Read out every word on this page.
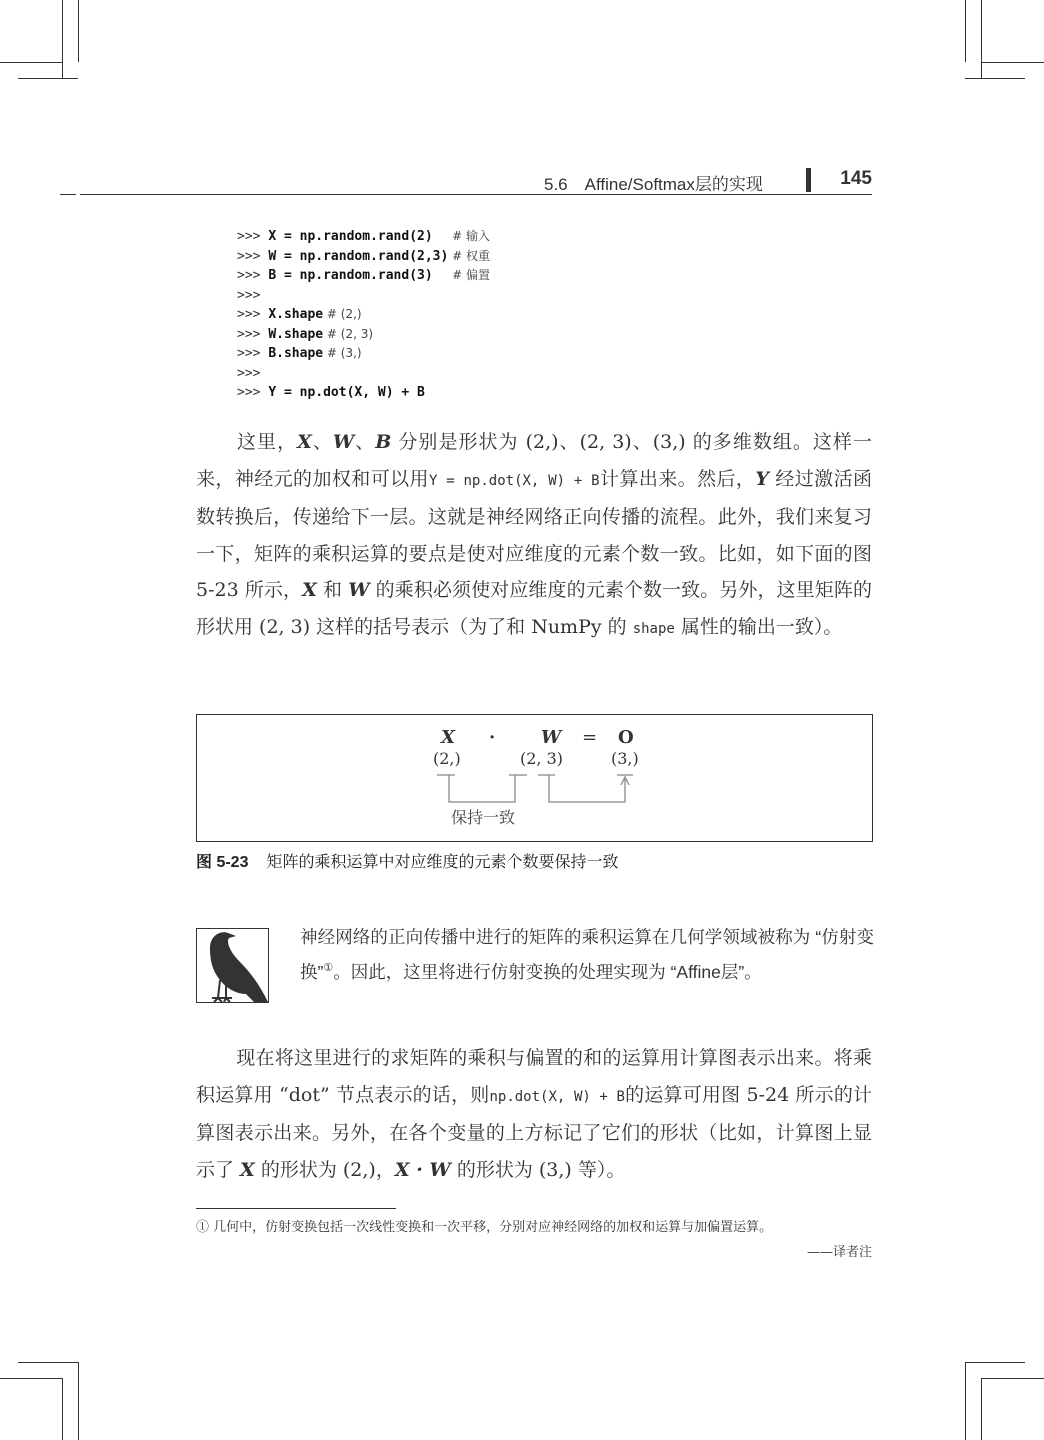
5.6　Affine/Softmax层的实现	145
>>> X = np.random.rand(2)   # 输入
>>> W = np.random.rand(2,3) # 权重
>>> B = np.random.rand(3)   # 偏置
>>>
>>> X.shape # (2,)
>>> W.shape # (2, 3)
>>> B.shape # (3,)
>>>
>>> Y = np.dot(X, W) + B
这里，X、W、B 分别是形状为 (2,)、(2, 3)、(3,) 的多维数组。这样一来，神经元的加权和可以用Y = np.dot(X, W) + B计算出来。然后，Y 经过激活函数转换后，传递给下一层。这就是神经网络正向传播的流程。此外，我们来复习一下，矩阵的乘积运算的要点是使对应维度的元素个数一致。比如，如下面的图 5-23 所示，X 和 W 的乘积必须使对应维度的元素个数一致。另外，这里矩阵的形状用 (2, 3) 这样的括号表示（为了和 NumPy 的 shape 属性的输出一致）。
X ·	W = O
(2,)	(2, 3)	(3,)
保持一致
图 5-23 矩阵的乘积运算中对应维度的元素个数要保持一致
神经网络的正向传播中进行的矩阵的乘积运算在几何学领域被称为 “仿射变换”①。因此，这里将进行仿射变换的处理实现为 “Affine层”。
现在将这里进行的求矩阵的乘积与偏置的和的运算用计算图表示出来。将乘积运算用 “dot” 节点表示的话，则np.dot(X, W) + B的运算可用图 5-24 所示的计算图表示出来。另外，在各个变量的上方标记了它们的形状（比如，计算图上显示了 X 的形状为 (2,)，X · W 的形状为 (3,) 等）。
① 几何中，仿射变换包括一次线性变换和一次平移，分别对应神经网络的加权和运算与加偏置运算。
——译者注
